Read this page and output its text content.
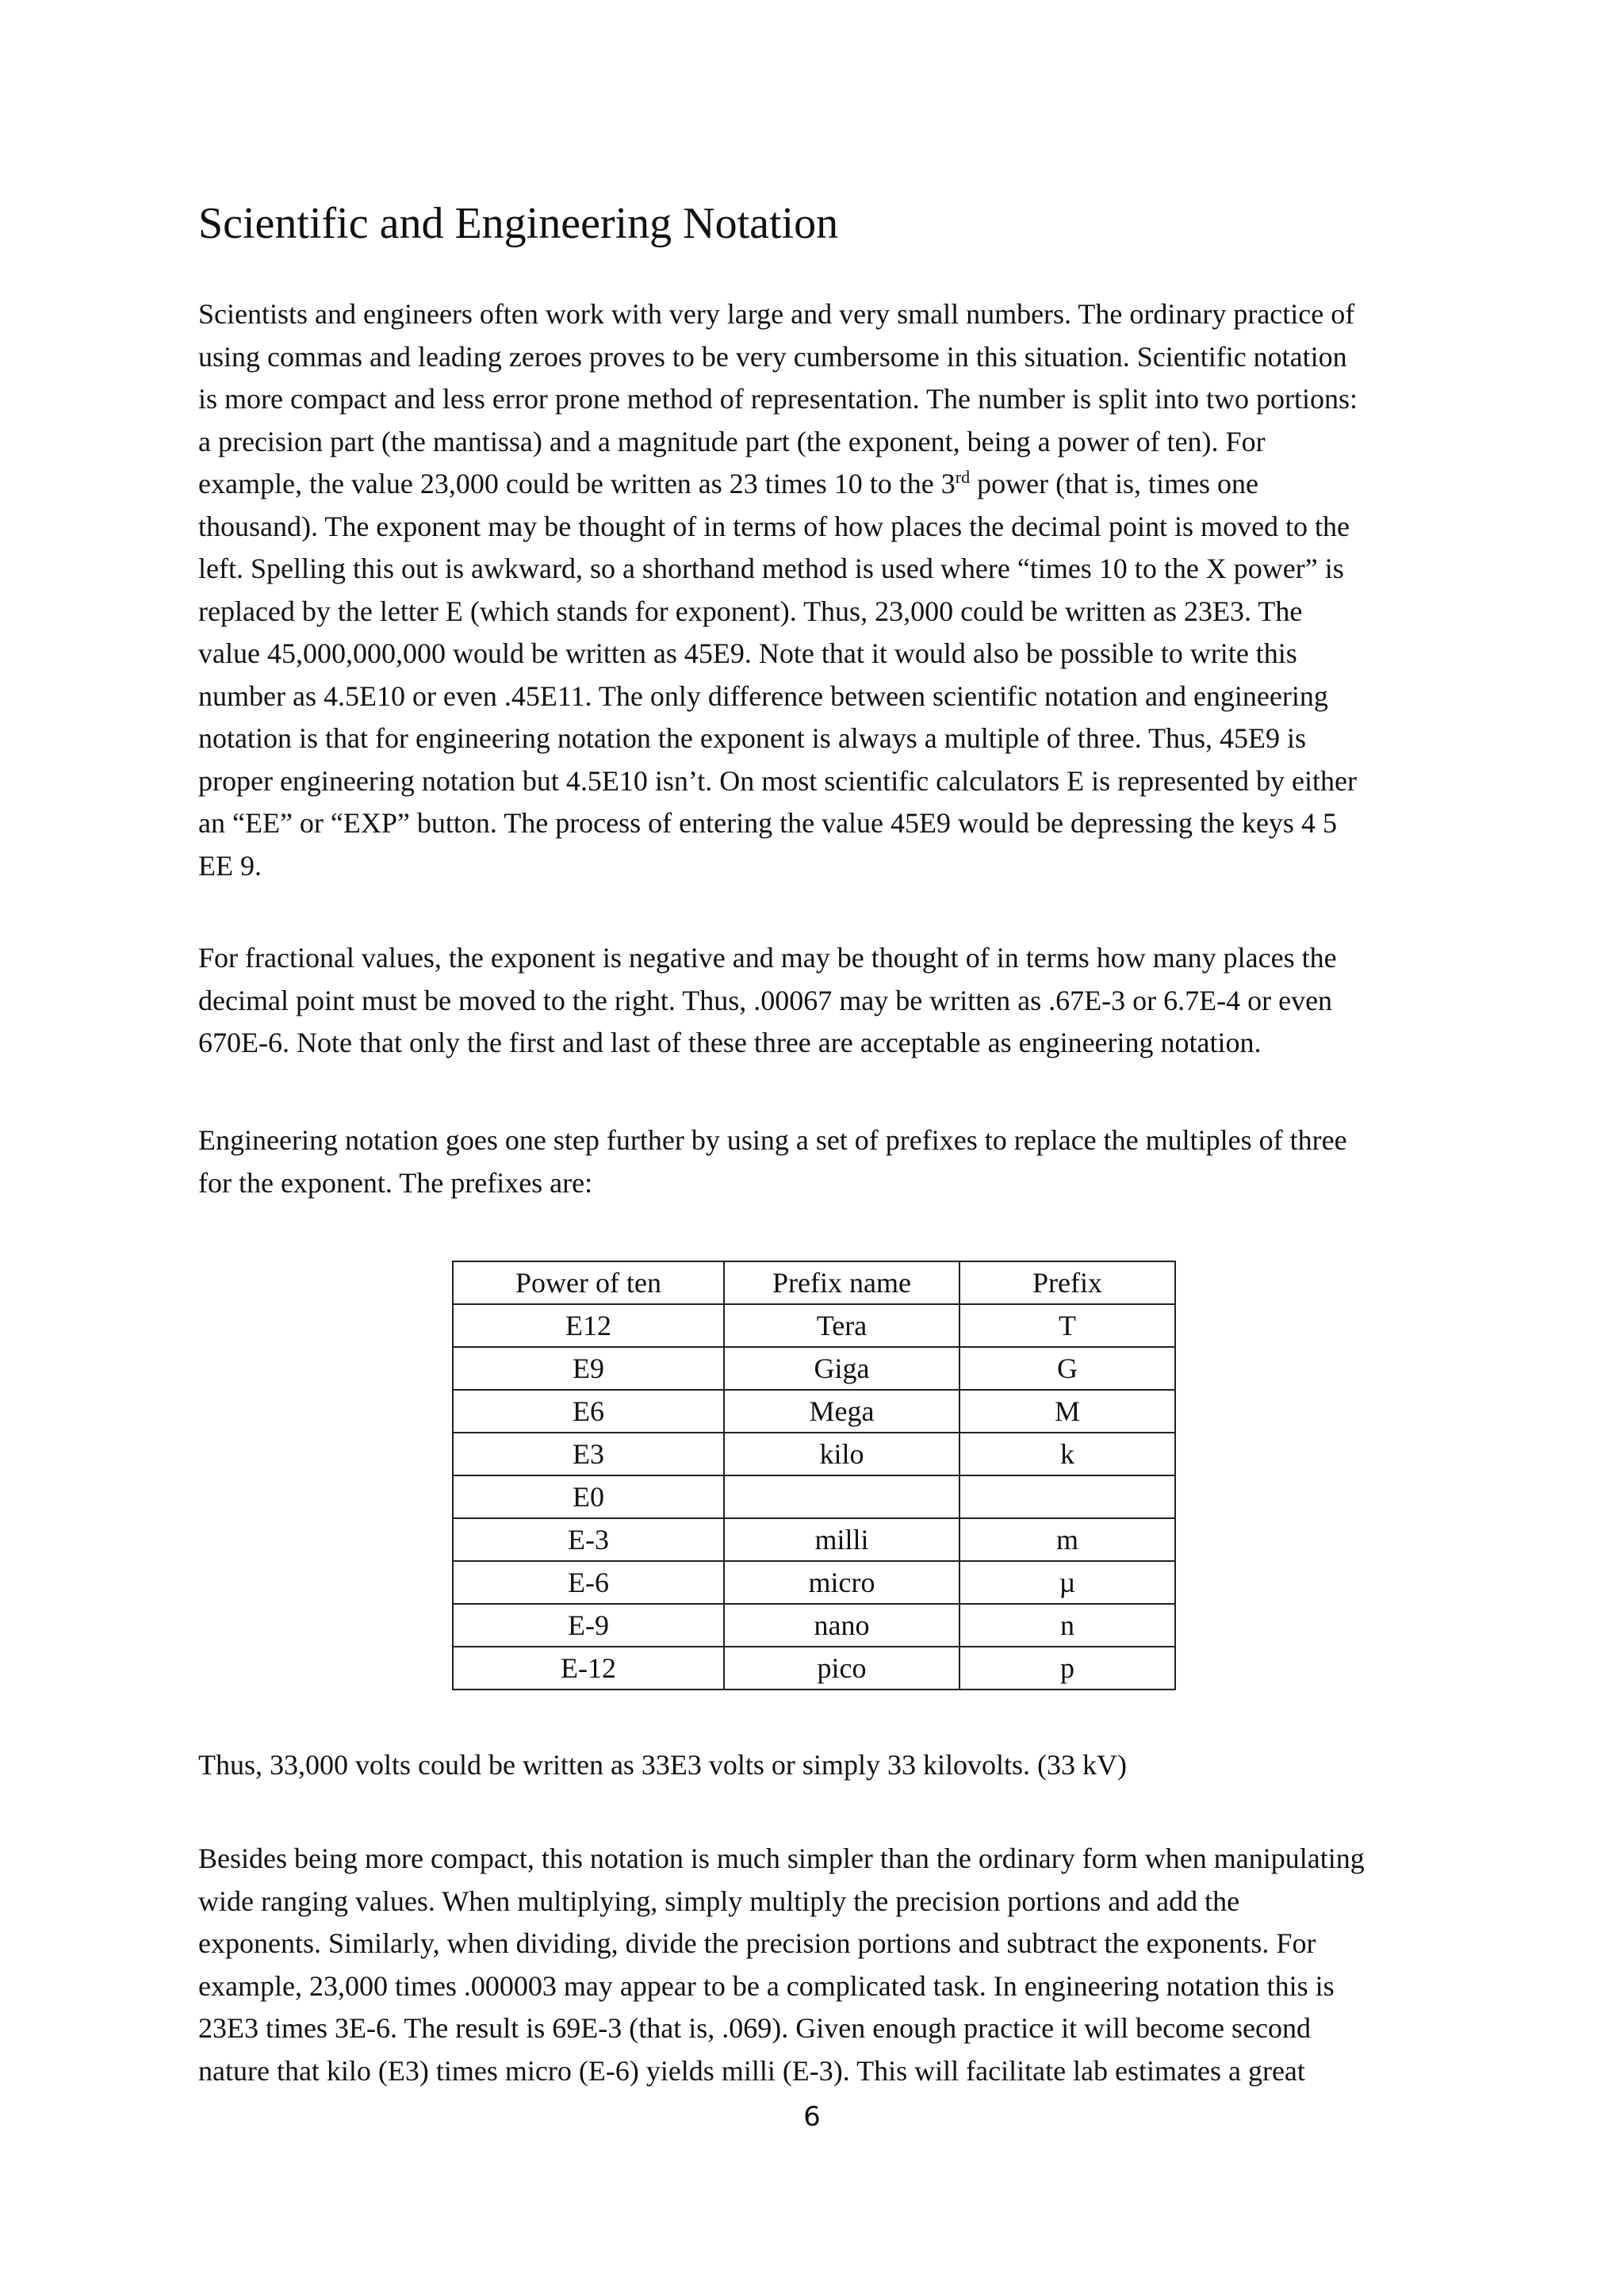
Scientific and Engineering Notation

Scientists and engineers often work with very large and very small numbers. The ordinary practice of
using commas and leading zeroes proves to be very cumbersome in this situation. Scientific notation
is more compact and less error prone method of representation. The number is split into two portions:
a precision part (the mantissa) and a magnitude part (the exponent, being a power of ten). For
example, the value 23,000 could be written as 23 times 10 to the 3rd power (that is, times one
thousand). The exponent may be thought of in terms of how places the decimal point is moved to the
left. Spelling this out is awkward, so a shorthand method is used where “times 10 to the X power” is
replaced by the letter E (which stands for exponent). Thus, 23,000 could be written as 23E3. The
value 45,000,000,000 would be written as 45E9. Note that it would also be possible to write this
number as 4.5E10 or even .45E11. The only difference between scientific notation and engineering
notation is that for engineering notation the exponent is always a multiple of three. Thus, 45E9 is
proper engineering notation but 4.5E10 isn’t. On most scientific calculators E is represented by either
an “EE” or “EXP” button. The process of entering the value 45E9 would be depressing the keys 4 5
EE 9.

For fractional values, the exponent is negative and may be thought of in terms how many places the
decimal point must be moved to the right. Thus, .00067 may be written as .67E-3 or 6.7E-4 or even
670E-6. Note that only the first and last of these three are acceptable as engineering notation.

Engineering notation goes one step further by using a set of prefixes to replace the multiples of three
for the exponent. The prefixes are:

Power of ten	Prefix name	Prefix
E12	Tera	T
E9	Giga	G
E6	Mega	M
E3	kilo	k
E0		
E-3	milli	m
E-6	micro	µ
E-9	nano	n
E-12	pico	p

Thus, 33,000 volts could be written as 33E3 volts or simply 33 kilovolts. (33 kV)

Besides being more compact, this notation is much simpler than the ordinary form when manipulating
wide ranging values. When multiplying, simply multiply the precision portions and add the
exponents. Similarly, when dividing, divide the precision portions and subtract the exponents. For
example, 23,000 times .000003 may appear to be a complicated task. In engineering notation this is
23E3 times 3E-6. The result is 69E-3 (that is, .069). Given enough practice it will become second
nature that kilo (E3) times micro (E-6) yields milli (E-3). This will facilitate lab estimates a great

6
